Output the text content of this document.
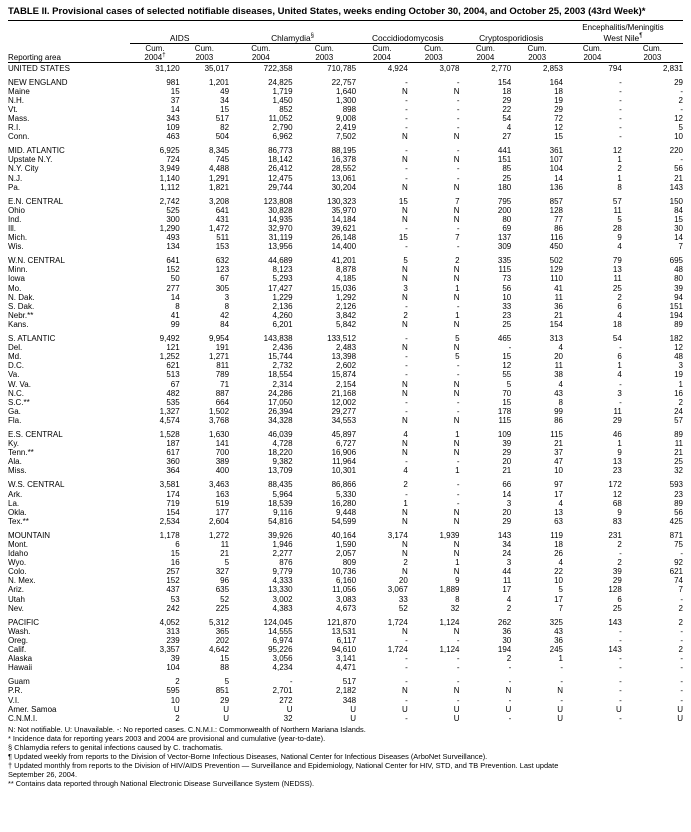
TABLE II. Provisional cases of selected notifiable diseases, United States, weeks ending October 30, 2004, and October 25, 2003 (43rd Week)*

									Encephalitis/Meningitis	
	AIDS		Chlamydia§		Coccidiodomycosis		Cryptosporidiosis		West Nile¶
	Cum.	Cum.	Cum.	Cum.	Cum.	Cum.	Cum.	Cum.	Cum.	Cum.
Reporting area	2004†	2003	2004	2003	2004	2003	2004	2003	2004	2003
UNITED STATES	31,120	35,017	722,358	710,785	4,924	3,078	2,770	2,853	794	2,831

NEW ENGLAND	981	1,201	24,825	22,757	-	-	154	164	-	29
Maine	15	49	1,719	1,640	N	N	18	18	-	-
N.H.	37	34	1,450	1,300	-	-	29	19	-	2
Vt.	14	15	852	898	-	-	22	29	-	-
Mass.	343	517	11,052	9,008	-	-	54	72	-	12
R.I.	109	82	2,790	2,419	-	-	4	12	-	5
Conn.	463	504	6,962	7,502	N	N	27	15	-	10

MID. ATLANTIC	6,925	8,345	86,773	88,195	-	-	441	361	12	220
Upstate N.Y.	724	745	18,142	16,378	N	N	151	107	1	-
N.Y. City	3,949	4,488	26,412	28,552	-	-	85	104	2	56
N.J.	1,140	1,291	12,475	13,061	-	-	25	14	1	21
Pa.	1,112	1,821	29,744	30,204	N	N	180	136	8	143

E.N. CENTRAL	2,742	3,208	123,808	130,323	15	7	795	857	57	150
Ohio	525	641	30,828	35,970	N	N	200	128	11	84
Ind.	300	431	14,935	14,184	N	N	80	77	5	15
Ill.	1,290	1,472	32,970	39,621	-	-	69	86	28	30
Mich.	493	511	31,119	26,148	15	7	137	116	9	14
Wis.	134	153	13,956	14,400	-	-	309	450	4	7

W.N. CENTRAL	641	632	44,689	41,201	5	2	335	502	79	695
Minn.	152	123	8,123	8,878	N	N	115	129	13	48
Iowa	50	67	5,293	4,185	N	N	73	110	11	80
Mo.	277	305	17,427	15,036	3	1	56	41	25	39
N. Dak.	14	3	1,229	1,292	N	N	10	11	2	94
S. Dak.	8	8	2,136	2,126	-	-	33	36	6	151
Nebr.**	41	42	4,260	3,842	2	1	23	21	4	194
Kans.	99	84	6,201	5,842	N	N	25	154	18	89

S. ATLANTIC	9,492	9,954	143,838	133,512	-	5	465	313	54	182
Del.	121	191	2,436	2,483	N	N	-	4	-	12
Md.	1,252	1,271	15,744	13,398	-	5	15	20	6	48
D.C.	621	811	2,732	2,602	-	-	12	11	1	3
Va.	513	789	18,554	15,874	-	-	55	38	4	19
W. Va.	67	71	2,314	2,154	N	N	5	4	-	1
N.C.	482	887	24,286	21,168	N	N	70	43	3	16
S.C.**	535	664	17,050	12,002	-	-	15	8	-	2
Ga.	1,327	1,502	26,394	29,277	-	-	178	99	11	24
Fla.	4,574	3,768	34,328	34,553	N	N	115	86	29	57

E.S. CENTRAL	1,528	1,630	46,039	45,897	4	1	109	115	46	89
Ky.	187	141	4,728	6,727	N	N	39	21	1	11
Tenn.**	617	700	18,220	16,906	N	N	29	37	9	21
Ala.	360	389	9,382	11,964	-	-	20	47	13	25
Miss.	364	400	13,709	10,301	4	1	21	10	23	32

W.S. CENTRAL	3,581	3,463	88,435	86,866	2	-	66	97	172	593
Ark.	174	163	5,964	5,330	-	-	14	17	12	23
La.	719	519	18,539	16,280	1	-	3	4	68	89
Okla.	154	177	9,116	9,448	N	N	20	13	9	56
Tex.**	2,534	2,604	54,816	54,599	N	N	29	63	83	425

MOUNTAIN	1,178	1,272	39,926	40,164	3,174	1,939	143	119	231	871
Mont.	6	11	1,946	1,590	N	N	34	18	2	75
Idaho	15	21	2,277	2,057	N	N	24	26	-	-
Wyo.	16	5	876	809	2	1	3	4	2	92
Colo.	257	327	9,779	10,736	N	N	44	22	39	621
N. Mex.	152	96	4,333	6,160	20	9	11	10	29	74
Ariz.	437	635	13,330	11,056	3,067	1,889	17	5	128	7
Utah	53	52	3,002	3,083	33	8	4	17	6	-
Nev.	242	225	4,383	4,673	52	32	2	7	25	2

PACIFIC	4,052	5,312	124,045	121,870	1,724	1,124	262	325	143	2
Wash.	313	365	14,555	13,531	N	N	36	43	-	-
Oreg.	239	202	6,974	6,117	-	-	30	36	-	-
Calif.	3,357	4,642	95,226	94,610	1,724	1,124	194	245	143	2
Alaska	39	15	3,056	3,141	-	-	2	1	-	-
Hawaii	104	88	4,234	4,471	-	-	-	-	-	-

Guam	2	5	-	517	-	-	-	-	-	-
P.R.	595	851	2,701	2,182	N	N	N	N	-	-
V.I.	10	29	272	348	-	-	-	-	-	-
Amer. Samoa	U	U	U	U	U	U	U	U	U	U
C.N.M.I.	2	U	32	U	-	U	-	U	-	U
N: Not notifiable. U: Unavailable. -: No reported cases. C.N.M.I.: Commonwealth of Northern Mariana Islands.
* Incidence data for reporting years 2003 and 2004 are provisional and cumulative (year-to-date).
§ Chlamydia refers to genital infections caused by C. trachomatis.
¶ Updated weekly from reports to the Division of Vector-Borne Infectious Diseases, National Center for Infectious Diseases (ArboNet Surveillance).
† Updated monthly from reports to the Division of HIV/AIDS Prevention — Surveillance and Epidemiology, National Center for HIV, STD, and TB Prevention. Last update
September 26, 2004.
** Contains data reported through National Electronic Disease Surveillance System (NEDSS).
